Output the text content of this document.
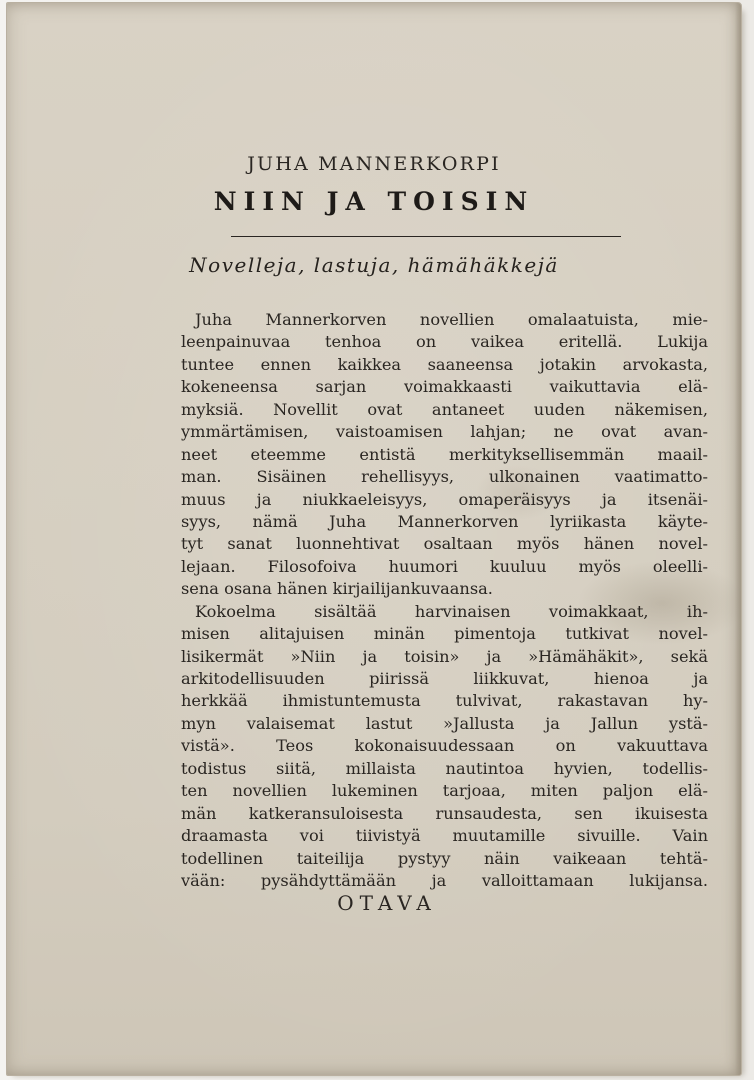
JUHA MANNERKORPI
NIIN JA TOISIN
Novelleja, lastuja, hämähäkkejä
Juha Mannerkorven novellien omalaatuista, mie-
leenpainuvaa tenhoa on vaikea eritellä. Lukija
tuntee ennen kaikkea saaneensa jotakin arvokasta,
kokeneensa sarjan voimakkaasti vaikuttavia elä-
myksiä. Novellit ovat antaneet uuden näkemisen,
ymmärtämisen, vaistoamisen lahjan; ne ovat avan-
neet eteemme entistä merkityksellisemmän maail-
man. Sisäinen rehellisyys, ulkonainen vaatimatto-
muus ja niukkaeleisyys, omaperäisyys ja itsenäi-
syys, nämä Juha Mannerkorven lyriikasta käyte-
tyt sanat luonnehtivat osaltaan myös hänen novel-
lejaan. Filosofoiva huumori kuuluu myös oleelli-
sena osana hänen kirjailijankuvaansa.
Kokoelma sisältää harvinaisen voimakkaat, ih-
misen alitajuisen minän pimentoja tutkivat novel-
lisikermät »Niin ja toisin» ja »Hämähäkit», sekä
arkitodellisuuden piirissä liikkuvat, hienoa ja
herkkää ihmistuntemusta tulvivat, rakastavan hy-
myn valaisemat lastut »Jallusta ja Jallun ystä-
vistä». Teos kokonaisuudessaan on vakuuttava
todistus siitä, millaista nautintoa hyvien, todellis-
ten novellien lukeminen tarjoaa, miten paljon elä-
män katkeransuloisesta runsaudesta, sen ikuisesta
draamasta voi tiivistyä muutamille sivuille. Vain
todellinen taiteilija pystyy näin vaikeaan tehtä-
vään: pysähdyttämään ja valloittamaan lukijansa.
OTAVA
